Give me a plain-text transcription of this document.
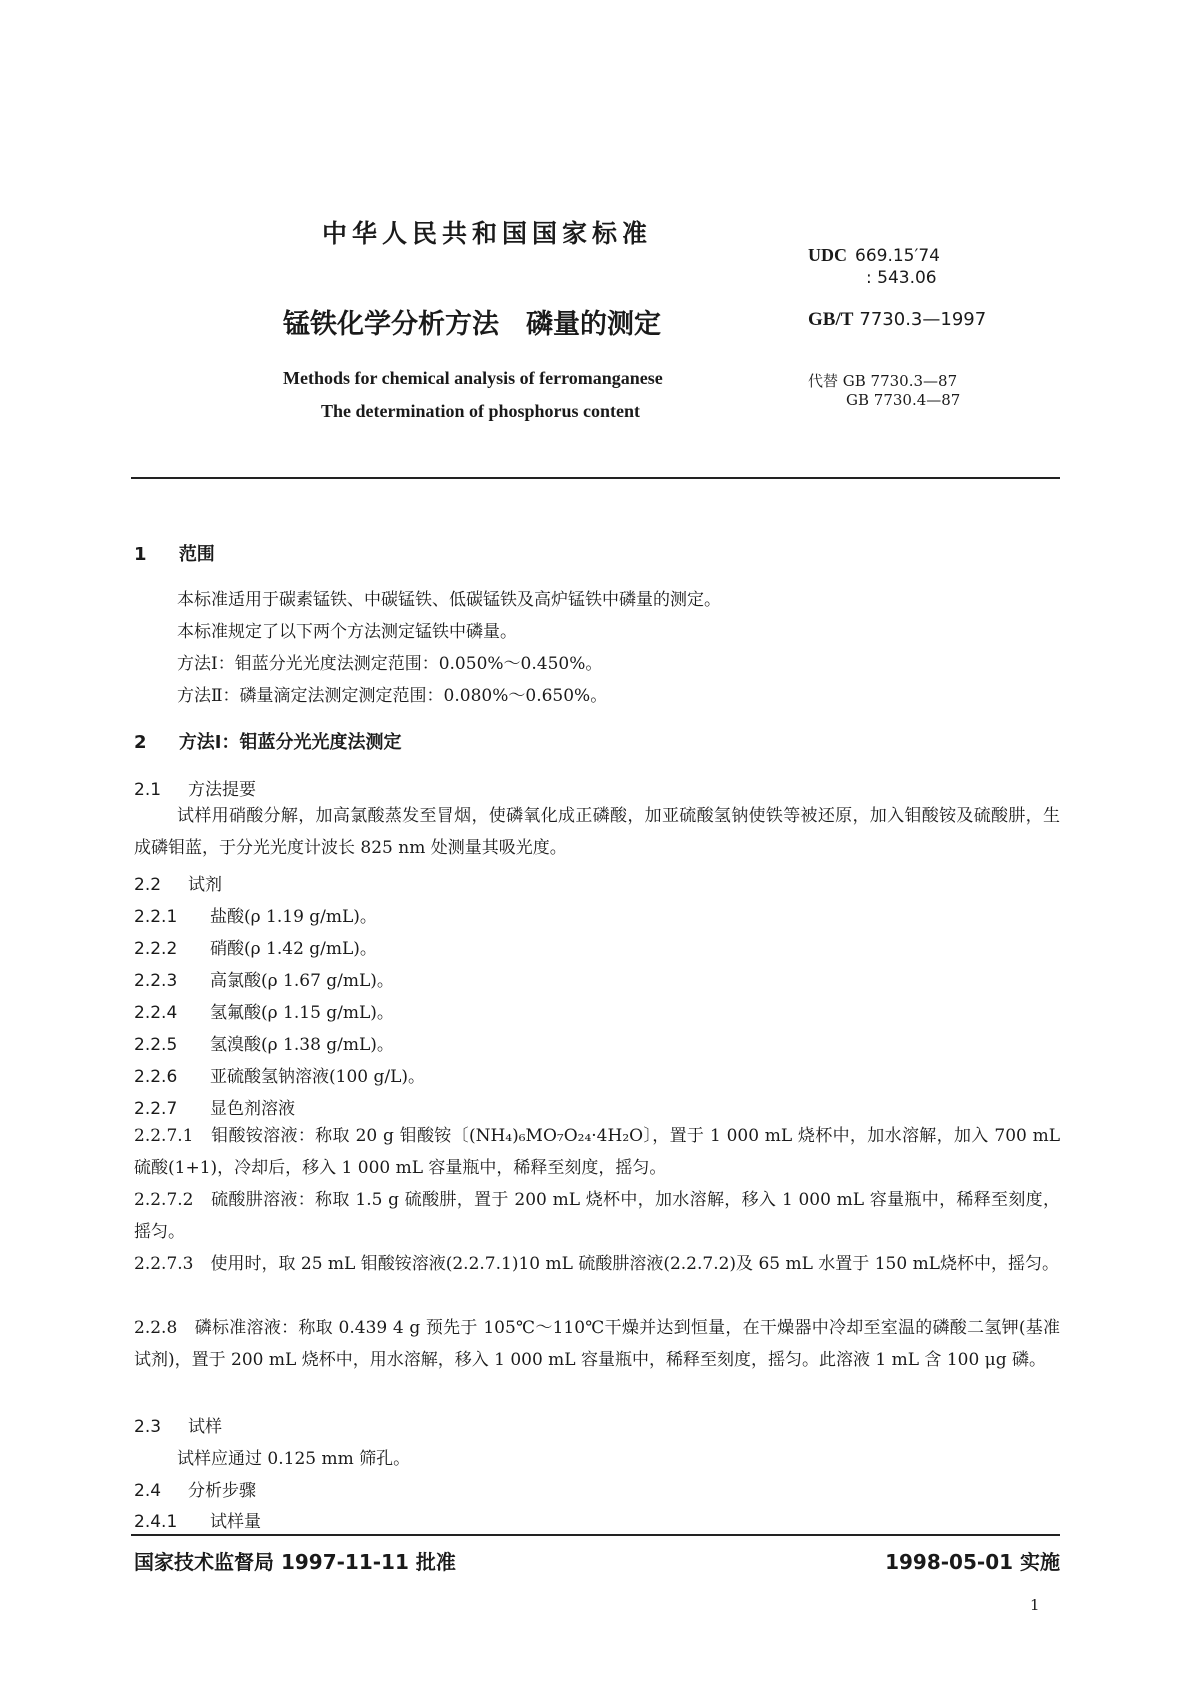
中华人民共和国国家标准
锰铁化学分析方法　磷量的测定
Methods for chemical analysis of ferromanganese
The determination of phosphorus content
UDC 669.15′74
: 543.06
GB/T 7730.3—1997
代替 GB 7730.3—87
GB 7730.4—87
1 范围
本标准适用于碳素锰铁、中碳锰铁、低碳锰铁及高炉锰铁中磷量的测定。
本标准规定了以下两个方法测定锰铁中磷量。
方法Ⅰ：钼蓝分光光度法测定范围：0.050%～0.450%。
方法Ⅱ：磷量滴定法测定测定范围：0.080%～0.650%。
2 方法Ⅰ：钼蓝分光光度法测定
2.1 方法提要
试样用硝酸分解，加高氯酸蒸发至冒烟，使磷氧化成正磷酸，加亚硫酸氢钠使铁等被还原，加入钼酸铵及硫酸肼，生成磷钼蓝，于分光光度计波长 825 nm 处测量其吸光度。
2.2 试剂
2.2.1 盐酸(ρ 1.19 g/mL)。
2.2.2 硝酸(ρ 1.42 g/mL)。
2.2.3 高氯酸(ρ 1.67 g/mL)。
2.2.4 氢氟酸(ρ 1.15 g/mL)。
2.2.5 氢溴酸(ρ 1.38 g/mL)。
2.2.6 亚硫酸氢钠溶液(100 g/L)。
2.2.7 显色剂溶液
2.2.7.1　钼酸铵溶液：称取 20 g 钼酸铵〔(NH₄)₆MO₇O₂₄·4H₂O〕，置于 1 000 mL 烧杯中，加水溶解，加入 700 mL 硫酸(1+1)，冷却后，移入 1 000 mL 容量瓶中，稀释至刻度，摇匀。
2.2.7.2　硫酸肼溶液：称取 1.5 g 硫酸肼，置于 200 mL 烧杯中，加水溶解，移入 1 000 mL 容量瓶中，稀释至刻度，摇匀。
2.2.7.3　使用时，取 25 mL 钼酸铵溶液(2.2.7.1)10 mL 硫酸肼溶液(2.2.7.2)及 65 mL 水置于 150 mL烧杯中，摇匀。
2.2.8　磷标准溶液：称取 0.439 4 g 预先于 105℃～110℃干燥并达到恒量，在干燥器中冷却至室温的磷酸二氢钾(基准试剂)，置于 200 mL 烧杯中，用水溶解，移入 1 000 mL 容量瓶中，稀释至刻度，摇匀。此溶液 1 mL 含 100 μg 磷。
2.3 试样
试样应通过 0.125 mm 筛孔。
2.4 分析步骤
2.4.1 试样量
国家技术监督局 1997-11-11 批准	1998-05-01 实施
1
